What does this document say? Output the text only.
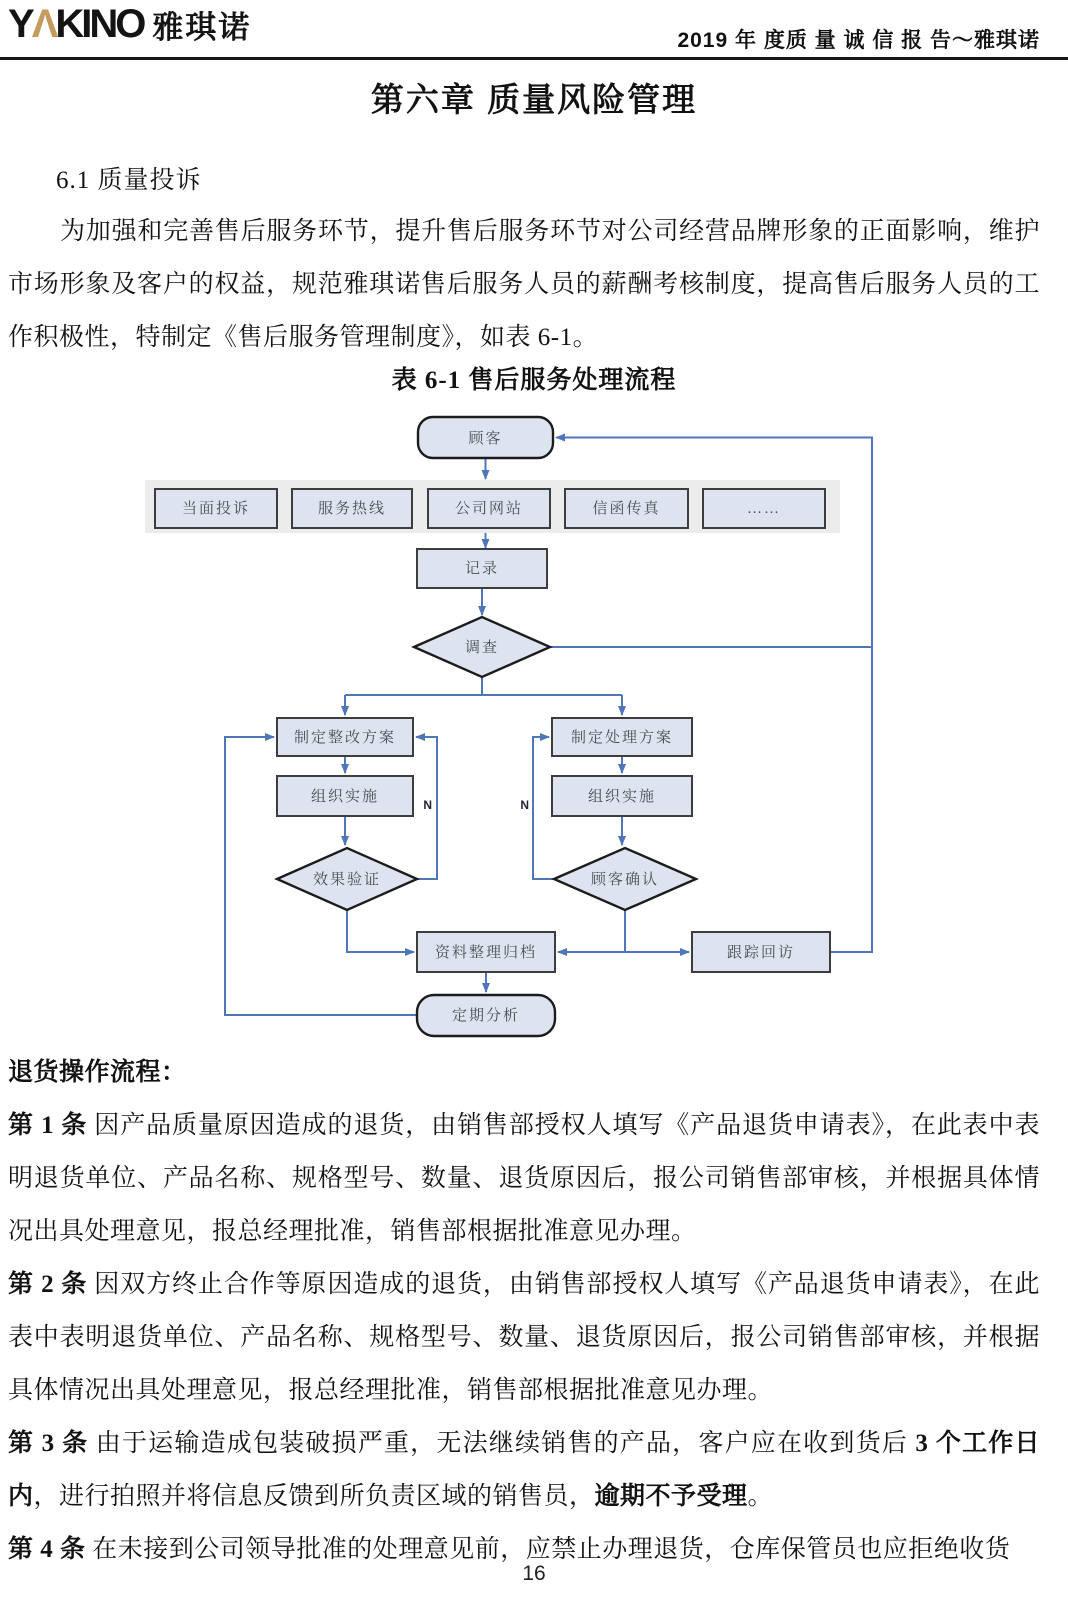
YΛKINO 雅琪诺	2019 年 度质 量 诚 信 报 告～雅琪诺
第六章 质量风险管理
6.1 质量投诉
为加强和完善售后服务环节，提升售后服务环节对公司经营品牌形象的正面影响，维护市场形象及客户的权益，规范雅琪诺售后服务人员的薪酬考核制度，提高售后服务人员的工作积极性，特制定《售后服务管理制度》，如表 6-1。
表 6-1 售后服务处理流程
N	N
顾客
当面投诉	服务热线	公司网站	信函传真	……
记录
调查
制定整改方案	制定处理方案
组织实施	组织实施
效果验证	顾客确认
资料整理归档	跟踪回访
定期分析

退货操作流程：

第 1 条 因产品质量原因造成的退货，由销售部授权人填写《产品退货申请表》，在此表中表明退货单位、产品名称、规格型号、数量、退货原因后，报公司销售部审核，并根据具体情况出具处理意见，报总经理批准，销售部根据批准意见办理。

第 2 条 因双方终止合作等原因造成的退货，由销售部授权人填写《产品退货申请表》，在此表中表明退货单位、产品名称、规格型号、数量、退货原因后，报公司销售部审核，并根据具体情况出具处理意见，报总经理批准，销售部根据批准意见办理。

第 3 条 由于运输造成包装破损严重，无法继续销售的产品，客户应在收到货后 3 个工作日内，进行拍照并将信息反馈到所负责区域的销售员，逾期不予受理。

第 4 条 在未接到公司领导批准的处理意见前，应禁止办理退货，仓库保管员也应拒绝收货

16
